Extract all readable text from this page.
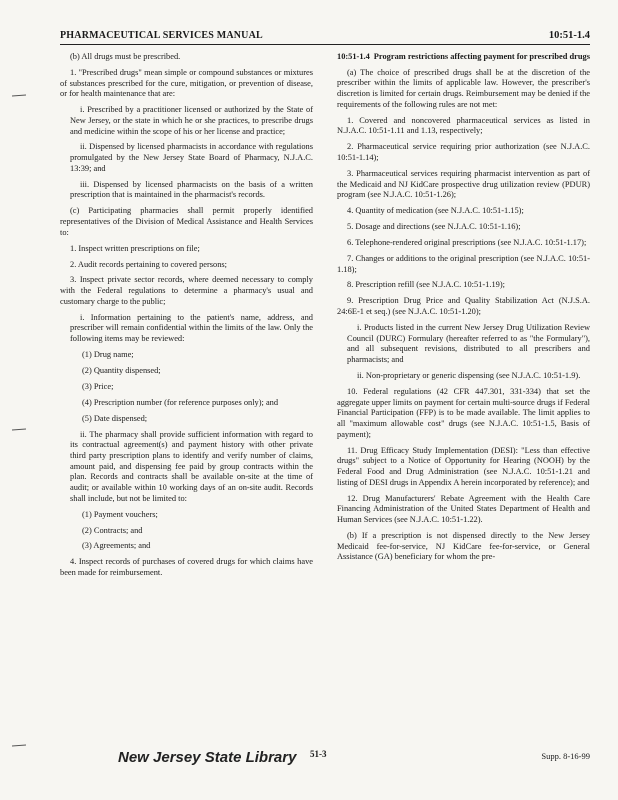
PHARMACEUTICAL SERVICES MANUAL	10:51-1.4

(b) All drugs must be prescribed.

1. "Prescribed drugs" mean simple or compound substances or mixtures of substances prescribed for the cure, mitigation, or prevention of disease, or for health maintenance that are:

i. Prescribed by a practitioner licensed or authorized by the State of New Jersey, or the state in which he or she practices, to prescribe drugs and medicine within the scope of his or her license and practice;

ii. Dispensed by licensed pharmacists in accordance with regulations promulgated by the New Jersey State Board of Pharmacy, N.J.A.C. 13:39; and

iii. Dispensed by licensed pharmacists on the basis of a written prescription that is maintained in the pharmacist's records.

(c) Participating pharmacies shall permit properly identified representatives of the Division of Medical Assistance and Health Services to:

1. Inspect written prescriptions on file;

2. Audit records pertaining to covered persons;

3. Inspect private sector records, where deemed necessary to comply with the Federal regulations to determine a pharmacy's usual and customary charge to the public;

i. Information pertaining to the patient's name, address, and prescriber will remain confidential within the limits of the law. Only the following items may be reviewed:

(1) Drug name;

(2) Quantity dispensed;

(3) Price;

(4) Prescription number (for reference purposes only); and

(5) Date dispensed;

ii. The pharmacy shall provide sufficient information with regard to its contractual agreement(s) and payment history with other private third party prescription plans to identify and verify number of claims, amount paid, and dispensing fee paid by group contracts within the plan. Records and contracts shall be available on-site at the time of audit; or available within 10 working days of an on-site audit. Records shall include, but not be limited to:

(1) Payment vouchers;

(2) Contracts; and

(3) Agreements; and

4. Inspect records of purchases of covered drugs for which claims have been made for reimbursement.

10:51-1.4 Program restrictions affecting payment for prescribed drugs

(a) The choice of prescribed drugs shall be at the discretion of the prescriber within the limits of applicable law. However, the prescriber's discretion is limited for certain drugs. Reimbursement may be denied if the requirements of the following rules are not met:

1. Covered and noncovered pharmaceutical services as listed in N.J.A.C. 10:51-1.11 and 1.13, respectively;

2. Pharmaceutical service requiring prior authorization (see N.J.A.C. 10:51-1.14);

3. Pharmaceutical services requiring pharmacist intervention as part of the Medicaid and NJ KidCare prospective drug utilization review (PDUR) program (see N.J.A.C. 10:51-1.26);

4. Quantity of medication (see N.J.A.C. 10:51-1.15);

5. Dosage and directions (see N.J.A.C. 10:51-1.16);

6. Telephone-rendered original prescriptions (see N.J.A.C. 10:51-1.17);

7. Changes or additions to the original prescription (see N.J.A.C. 10:51-1.18);

8. Prescription refill (see N.J.A.C. 10:51-1.19);

9. Prescription Drug Price and Quality Stabilization Act (N.J.S.A. 24:6E-1 et seq.) (see N.J.A.C. 10:51-1.20);

i. Products listed in the current New Jersey Drug Utilization Review Council (DURC) Formulary (hereafter referred to as "the Formulary"), and all subsequent revisions, distributed to all prescribers and pharmacists; and

ii. Non-proprietary or generic dispensing (see N.J.A.C. 10:51-1.9).

10. Federal regulations (42 CFR 447.301, 331-334) that set the aggregate upper limits on payment for certain multi-source drugs if Federal Financial Participation (FFP) is to be made available. The limit applies to all "maximum allowable cost" drugs (see N.J.A.C. 10:51-1.5, Basis of payment);

11. Drug Efficacy Study Implementation (DESI): "Less than effective drugs" subject to a Notice of Opportunity for Hearing (NOOH) by the Federal Food and Drug Administration (see N.J.A.C. 10:51-1.21 and listing of DESI drugs in Appendix A herein incorporated by reference); and

12. Drug Manufacturers' Rebate Agreement with the Health Care Financing Administration of the United States Department of Health and Human Services (see N.J.A.C. 10:51-1.22).

(b) If a prescription is not dispensed directly to the New Jersey Medicaid fee-for-service, NJ KidCare fee-for-service, or General Assistance (GA) beneficiary for whom the pre-

New Jersey State Library 51-3	Supp. 8-16-99
